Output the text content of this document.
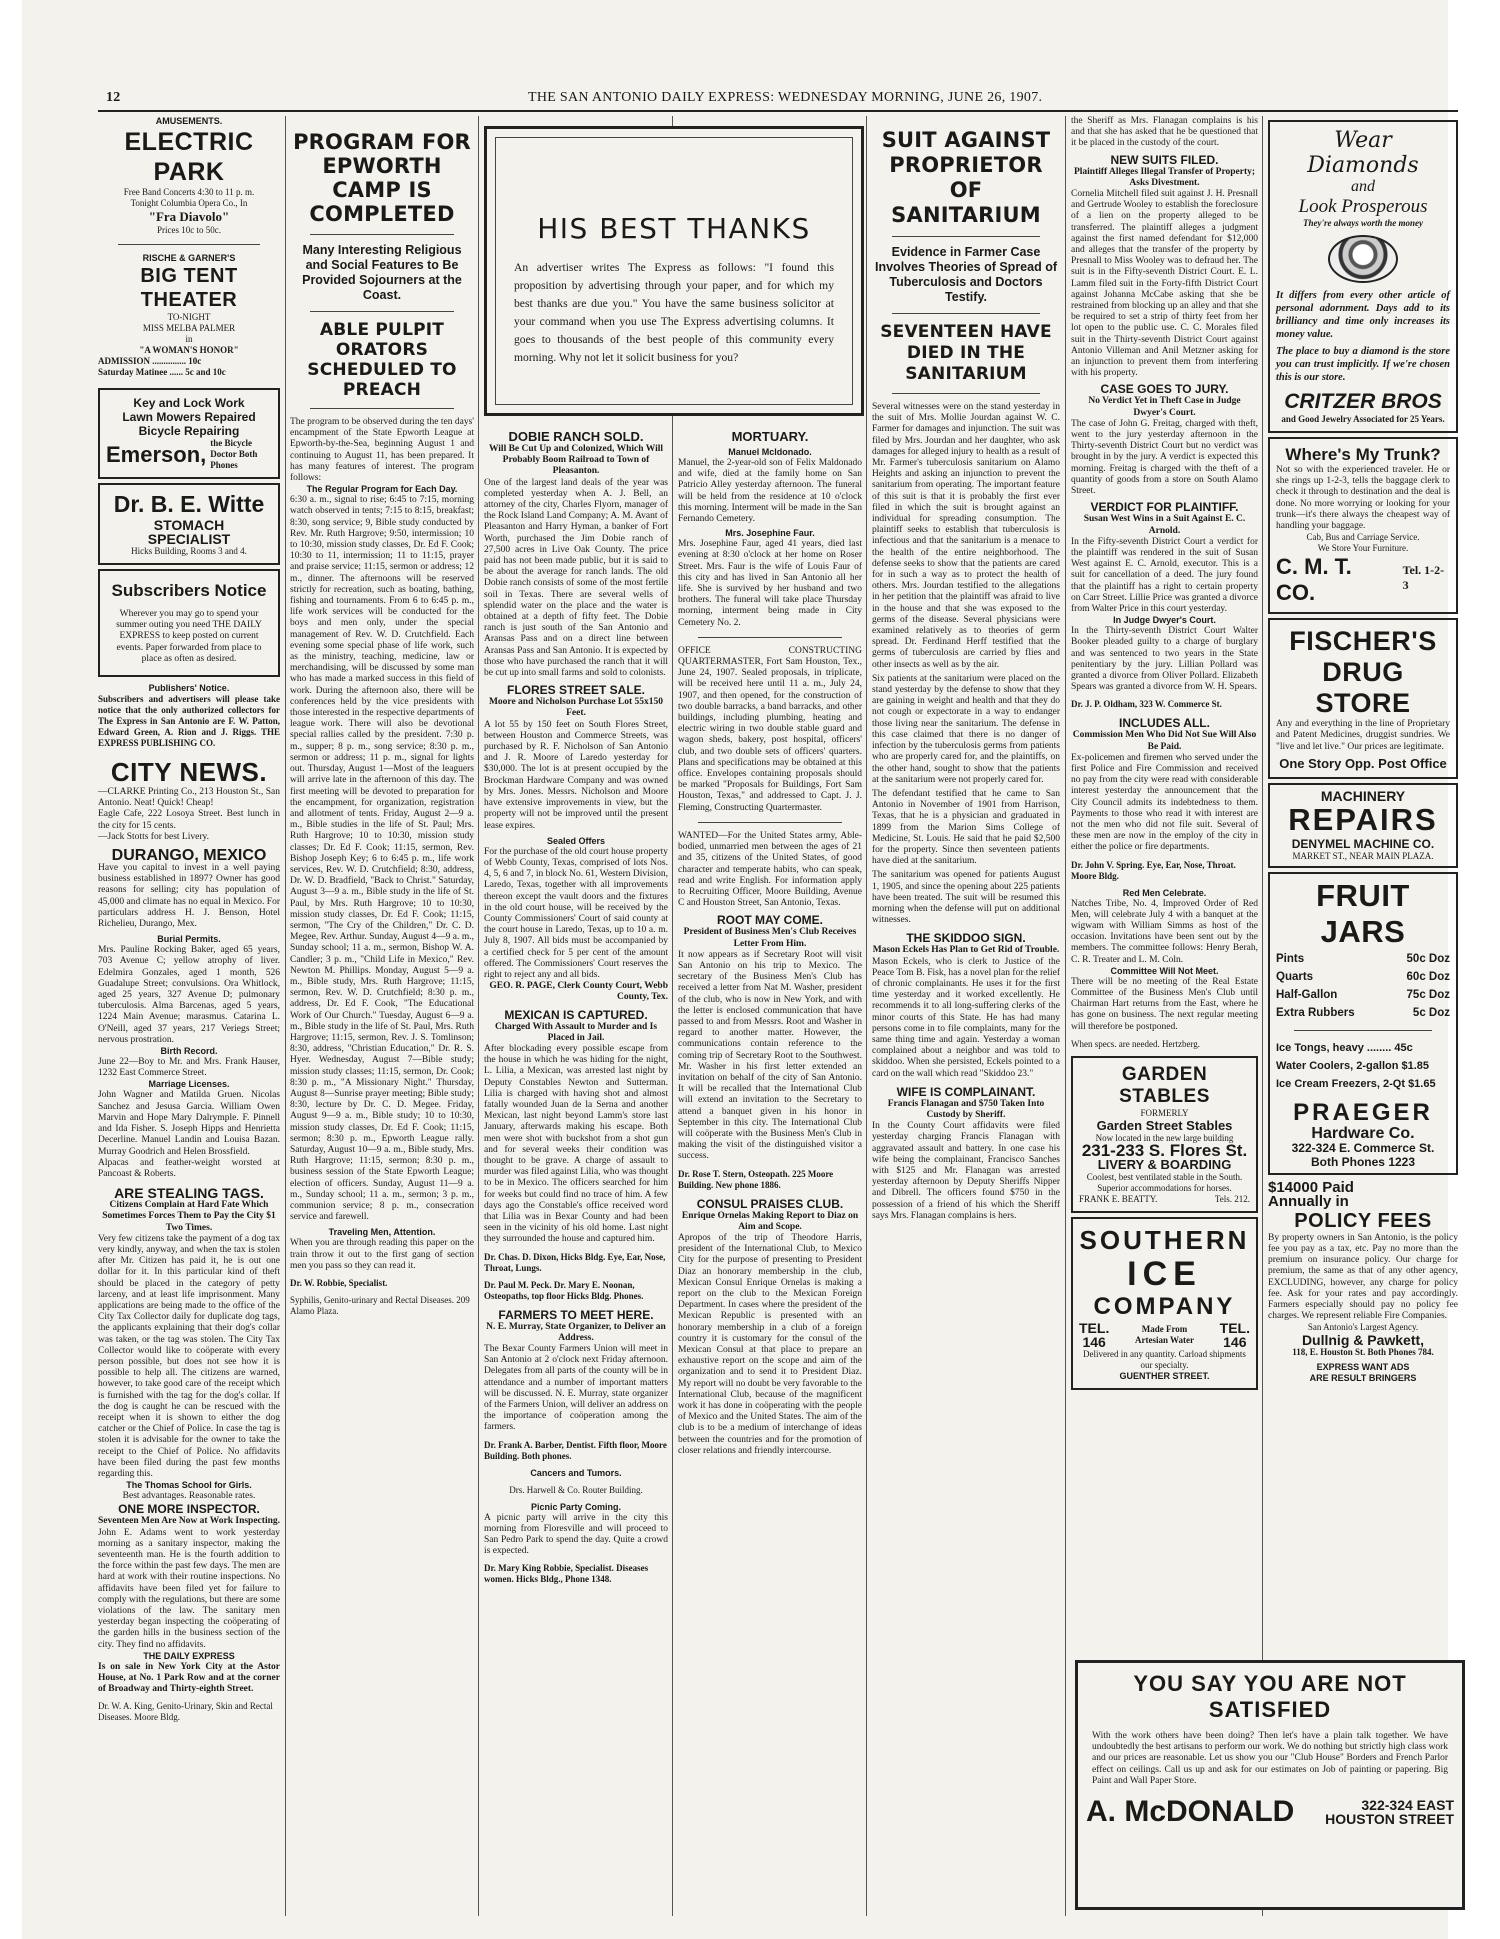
12	THE SAN ANTONIO DAILY EXPRESS: WEDNESDAY MORNING, JUNE 26, 1907.
AMUSEMENTS.
ELECTRIC PARK
Free Band Concerts 4:30 to 11 p. m.
Tonight Columbia Opera Co., In
"Fra Diavolo"
Prices 10c to 50c.
RISCHE & GARNER'S
BIG TENT THEATER
TO-NIGHT
MISS MELBA PALMER
in
"A WOMAN'S HONOR"
ADMISSION ............... 10c
Saturday Matinee ...... 5c and 10c
Key and Lock Work
Lawn Mowers Repaired
Bicycle Repairing
Emerson, the Bicycle Doctor Both Phones
Dr. B. E. Witte
STOMACH
SPECIALIST
Hicks Building, Rooms 3 and 4.
Subscribers Notice
Wherever you may go to spend your summer outing you need THE DAILY EXPRESS to keep posted on current events. Paper forwarded from place to place as often as desired.
Publishers' Notice.
Subscribers and advertisers will please take notice that the only authorized collectors for The Express in San Antonio are F. W. Patton, Edward Green, A. Rion and J. Riggs. THE EXPRESS PUBLISHING CO.
CITY NEWS.
—CLARKE Printing Co., 213 Houston St., San Antonio. Neat! Quick! Cheap!
Eagle Cafe, 222 Losoya Street. Best lunch in the city for 15 cents.
—Jack Stotts for best Livery.
DURANGO, MEXICO
Have you capital to invest in a well paying business established in 1897? Owner has good reasons for selling; city has population of 45,000 and climate has no equal in Mexico. For particulars address H. J. Benson, Hotel Richelieu, Durango, Mex.
Burial Permits.
Mrs. Pauline Rocking Baker, aged 65 years, 703 Avenue C; yellow atrophy of liver. Edelmira Gonzales, aged 1 month, 526 Guadalupe Street; convulsions. Ora Whitlock, aged 25 years, 327 Avenue D; pulmonary tuberculosis. Alma Barcenas, aged 5 years, 1224 Main Avenue; marasmus. Catarina L. O'Neill, aged 37 years, 217 Veriegs Street; nervous prostration.
Birth Record.
June 22—Boy to Mr. and Mrs. Frank Hauser, 1232 East Commerce Street.
Marriage Licenses.
John Wagner and Matilda Gruen. Nicolas Sanchez and Jesusa Garcia. William Owen Marvin and Hope Mary Dalrymple. F. Pinnell and Ida Fisher. S. Joseph Hipps and Henrietta Decerline. Manuel Landin and Louisa Bazan. Murray Goodrich and Helen Brossfield.
Alpacas and feather-weight worsted at Pancoast & Roberts.
ARE STEALING TAGS.
Citizens Complain at Hard Fate Which Sometimes Forces Them to Pay the City $1 Two Times.
Very few citizens take the payment of a dog tax very kindly, anyway, and when the tax is stolen after Mr. Citizen has paid it, he is out one dollar for it. In this particular kind of theft should be placed in the category of petty larceny, and at least life imprisonment. Many applications are being made to the office of the City Tax Collector daily for duplicate dog tags, the applicants explaining that their dog's collar was taken, or the tag was stolen. The City Tax Collector would like to coöperate with every person possible, but does not see how it is possible to help all. The citizens are warned, however, to take good care of the receipt which is furnished with the tag for the dog's collar. If the dog is caught he can be rescued with the receipt when it is shown to either the dog catcher or the Chief of Police. In case the tag is stolen it is advisable for the owner to take the receipt to the Chief of Police. No affidavits have been filed during the past few months regarding this.
The Thomas School for Girls.
Best advantages. Reasonable rates.
ONE MORE INSPECTOR.
Seventeen Men Are Now at Work Inspecting.
John E. Adams went to work yesterday morning as a sanitary inspector, making the seventeenth man. He is the fourth addition to the force within the past few days. The men are hard at work with their routine inspections. No affidavits have been filed yet for failure to comply with the regulations, but there are some violations of the law. The sanitary men yesterday began inspecting the coöperating of the garden hills in the business section of the city. They find no affidavits.
THE DAILY EXPRESS
Is on sale in New York City at the Astor House, at No. 1 Park Row and at the corner of Broadway and Thirty-eighth Street.
Dr. W. A. King, Genito-Urinary, Skin and Rectal Diseases. Moore Bldg.
PROGRAM FOR EPWORTH CAMP IS COMPLETED
Many Interesting Religious and Social Features to Be Provided Sojourners at the Coast.
ABLE PULPIT ORATORS SCHEDULED TO PREACH
The program to be observed during the ten days' encampment of the State Epworth League at Epworth-by-the-Sea, beginning August 1 and continuing to August 11, has been prepared. It has many features of interest. The program follows:
The Regular Program for Each Day.
6:30 a. m., signal to rise; 6:45 to 7:15, morning watch observed in tents; 7:15 to 8:15, breakfast; 8:30, song service; 9, Bible study conducted by Rev. Mr. Ruth Hargrove; 9:50, intermission; 10 to 10:30, mission study classes, Dr. Ed F. Cook; 10:30 to 11, intermission; 11 to 11:15, prayer and praise service; 11:15, sermon or address; 12 m., dinner. The afternoons will be reserved strictly for recreation, such as boating, bathing, fishing and tournaments. From 6 to 6:45 p. m., life work services will be conducted for the boys and men only, under the special management of Rev. W. D. Crutchfield. Each evening some special phase of life work, such as the ministry, teaching, medicine, law or merchandising, will be discussed by some man who has made a marked success in this field of work. During the afternoon also, there will be conferences held by the vice presidents with those interested in the respective departments of league work. There will also be devotional special rallies called by the president. 7:30 p. m., supper; 8 p. m., song service; 8:30 p. m., sermon or address; 11 p. m., signal for lights out. Thursday, August 1—Most of the leaguers will arrive late in the afternoon of this day. The first meeting will be devoted to preparation for the encampment, for organization, registration and allotment of tents. Friday, August 2—9 a. m., Bible studies in the life of St. Paul; Mrs. Ruth Hargrove; 10 to 10:30, mission study classes; Dr. Ed F. Cook; 11:15, sermon, Rev. Bishop Joseph Key; 6 to 6:45 p. m., life work services, Rev. W. D. Crutchfield; 8:30, address, Dr. W. D. Bradfield, "Back to Christ." Saturday, August 3—9 a. m., Bible study in the life of St. Paul, by Mrs. Ruth Hargrove; 10 to 10:30, mission study classes, Dr. Ed F. Cook; 11:15, sermon, "The Cry of the Children," Dr. C. D. Megee, Rev. Arthur. Sunday, August 4—9 a. m., Sunday school; 11 a. m., sermon, Bishop W. A. Candler; 3 p. m., "Child Life in Mexico," Rev. Newton M. Phillips. Monday, August 5—9 a. m., Bible study, Mrs. Ruth Hargrove; 11:15, sermon, Rev. W. D. Crutchfield; 8:30 p. m., address, Dr. Ed F. Cook, "The Educational Work of Our Church." Tuesday, August 6—9 a. m., Bible study in the life of St. Paul, Mrs. Ruth Hargrove; 11:15, sermon, Rev. J. S. Tomlinson; 8:30, address, "Christian Education," Dr. R. S. Hyer. Wednesday, August 7—Bible study; mission study classes; 11:15, sermon, Dr. Cook; 8:30 p. m., "A Missionary Night." Thursday, August 8—Sunrise prayer meeting; Bible study; 8:30, lecture by Dr. C. D. Megee. Friday, August 9—9 a. m., Bible study; 10 to 10:30, mission study classes, Dr. Ed F. Cook; 11:15, sermon; 8:30 p. m., Epworth League rally. Saturday, August 10—9 a. m., Bible study, Mrs. Ruth Hargrove; 11:15, sermon; 8:30 p. m., business session of the State Epworth League; election of officers. Sunday, August 11—9 a. m., Sunday school; 11 a. m., sermon; 3 p. m., communion service; 8 p. m., consecration service and farewell.
Traveling Men, Attention.
When you are through reading this paper on the train throw it out to the first gang of section men you pass so they can read it.
Dr. W. Robbie, Specialist.
Syphilis, Genito-urinary and Rectal Diseases. 209 Alamo Plaza.
HIS BEST THANKS
An advertiser writes The Express as follows: "I found this proposition by advertising through your paper, and for which my best thanks are due you." You have the same business solicitor at your command when you use The Express advertising columns. It goes to thousands of the best people of this community every morning. Why not let it solicit business for you?
DOBIE RANCH SOLD.
Will Be Cut Up and Colonized, Which Will Probably Boom Railroad to Town of Pleasanton.
One of the largest land deals of the year was completed yesterday when A. J. Bell, an attorney of the city, Charles Flyorn, manager of the Rock Island Land Company; A. M. Avant of Pleasanton and Harry Hyman, a banker of Fort Worth, purchased the Jim Dobie ranch of 27,500 acres in Live Oak County. The price paid has not been made public, but it is said to be about the average for ranch lands. The old Dobie ranch consists of some of the most fertile soil in Texas. There are several wells of splendid water on the place and the water is obtained at a depth of fifty feet. The Dobie ranch is just south of the San Antonio and Aransas Pass and on a direct line between Aransas Pass and San Antonio. It is expected by those who have purchased the ranch that it will be cut up into small farms and sold to colonists.
FLORES STREET SALE.
Moore and Nicholson Purchase Lot 55x150 Feet.
A lot 55 by 150 feet on South Flores Street, between Houston and Commerce Streets, was purchased by R. F. Nicholson of San Antonio and J. R. Moore of Laredo yesterday for $30,000. The lot is at present occupied by the Brockman Hardware Company and was owned by Mrs. Jones. Messrs. Nicholson and Moore have extensive improvements in view, but the property will not be improved until the present lease expires.
Sealed Offers
For the purchase of the old court house property of Webb County, Texas, comprised of lots Nos. 4, 5, 6 and 7, in block No. 61, Western Division, Laredo, Texas, together with all improvements thereon except the vault doors and the fixtures in the old court house, will be received by the County Commissioners' Court of said county at the court house in Laredo, Texas, up to 10 a. m. July 8, 1907. All bids must be accompanied by a certified check for 5 per cent of the amount offered. The Commissioners' Court reserves the right to reject any and all bids.
GEO. R. PAGE, Clerk County Court, Webb County, Tex.
MEXICAN IS CAPTURED.
Charged With Assault to Murder and Is Placed in Jail.
After blockading every possible escape from the house in which he was hiding for the night, L. Lilia, a Mexican, was arrested last night by Deputy Constables Newton and Sutterman. Lilia is charged with having shot and almost fatally wounded Juan de la Serna and another Mexican, last night beyond Lamm's store last January, afterwards making his escape. Both men were shot with buckshot from a shot gun and for several weeks their condition was thought to be grave. A charge of assault to murder was filed against Lilia, who was thought to be in Mexico. The officers searched for him for weeks but could find no trace of him. A few days ago the Constable's office received word that Lilia was in Bexar County and had been seen in the vicinity of his old home. Last night they surrounded the house and captured him.
Dr. Chas. D. Dixon, Hicks Bldg. Eye, Ear, Nose, Throat, Lungs.
Dr. Paul M. Peck. Dr. Mary E. Noonan, Osteopaths, top floor Hicks Bldg. Phones.
FARMERS TO MEET HERE.
N. E. Murray, State Organizer, to Deliver an Address.
The Bexar County Farmers Union will meet in San Antonio at 2 o'clock next Friday afternoon. Delegates from all parts of the county will be in attendance and a number of important matters will be discussed. N. E. Murray, state organizer of the Farmers Union, will deliver an address on the importance of coöperation among the farmers.
Dr. Frank A. Barber, Dentist. Fifth floor, Moore Building. Both phones.
Cancers and Tumors.
Drs. Harwell & Co. Router Building.
Picnic Party Coming.
A picnic party will arrive in the city this morning from Floresville and will proceed to San Pedro Park to spend the day. Quite a crowd is expected.
Dr. Mary King Robbie, Specialist. Diseases women. Hicks Bldg., Phone 1348.
MORTUARY.
Manuel Mcldonado.
Manuel, the 2-year-old son of Felix Maldonado and wife, died at the family home on San Patricio Alley yesterday afternoon. The funeral will be held from the residence at 10 o'clock this morning. Interment will be made in the San Fernando Cemetery.
Mrs. Josephine Faur.
Mrs. Josephine Faur, aged 41 years, died last evening at 8:30 o'clock at her home on Roser Street. Mrs. Faur is the wife of Louis Faur of this city and has lived in San Antonio all her life. She is survived by her husband and two brothers. The funeral will take place Thursday morning, interment being made in City Cemetery No. 2.
OFFICE CONSTRUCTING QUARTERMASTER, Fort Sam Houston, Tex., June 24, 1907. Sealed proposals, in triplicate, will be received here until 11 a. m., July 24, 1907, and then opened, for the construction of two double barracks, a band barracks, and other buildings, including plumbing, heating and electric wiring in two double stable guard and wagon sheds, bakery, post hospital, officers' club, and two double sets of officers' quarters. Plans and specifications may be obtained at this office. Envelopes containing proposals should be marked "Proposals for Buildings, Fort Sam Houston, Texas," and addressed to Capt. J. J. Fleming, Constructing Quartermaster.
WANTED—For the United States army, Able-bodied, unmarried men between the ages of 21 and 35, citizens of the United States, of good character and temperate habits, who can speak, read and write English. For information apply to Recruiting Officer, Moore Building, Avenue C and Houston Street, San Antonio, Texas.
ROOT MAY COME.
President of Business Men's Club Receives Letter From Him.
It now appears as if Secretary Root will visit San Antonio on his trip to Mexico. The secretary of the Business Men's Club has received a letter from Nat M. Washer, president of the club, who is now in New York, and with the letter is enclosed communication that have passed to and from Messrs. Root and Washer in regard to another matter. However, the communications contain reference to the coming trip of Secretary Root to the Southwest. Mr. Washer in his first letter extended an invitation on behalf of the city of San Antonio. It will be recalled that the International Club will extend an invitation to the Secretary to attend a banquet given in his honor in September in this city. The International Club will coöperate with the Business Men's Club in making the visit of the distinguished visitor a success.
Dr. Rose T. Stern, Osteopath. 225 Moore Building. New phone 1886.
CONSUL PRAISES CLUB.
Enrique Ornelas Making Report to Diaz on Aim and Scope.
Apropos of the trip of Theodore Harris, president of the International Club, to Mexico City for the purpose of presenting to President Diaz an honorary membership in the club, Mexican Consul Enrique Ornelas is making a report on the club to the Mexican Foreign Department. In cases where the president of the Mexican Republic is presented with an honorary membership in a club of a foreign country it is customary for the consul of the Mexican Consul at that place to prepare an exhaustive report on the scope and aim of the organization and to send it to President Diaz. My report will no doubt be very favorable to the International Club, because of the magnificent work it has done in coöperating with the people of Mexico and the United States. The aim of the club is to be a medium of interchange of ideas between the countries and for the promotion of closer relations and friendly intercourse.
SUIT AGAINST PROPRIETOR OF SANITARIUM
Evidence in Farmer Case Involves Theories of Spread of Tuberculosis and Doctors Testify.
SEVENTEEN HAVE DIED IN THE SANITARIUM
Several witnesses were on the stand yesterday in the suit of Mrs. Mollie Jourdan against W. C. Farmer for damages and injunction. The suit was filed by Mrs. Jourdan and her daughter, who ask damages for alleged injury to health as a result of Mr. Farmer's tuberculosis sanitarium on Alamo Heights and asking an injunction to prevent the sanitarium from operating. The important feature of this suit is that it is probably the first ever filed in which the suit is brought against an individual for spreading consumption. The plaintiff seeks to establish that tuberculosis is infectious and that the sanitarium is a menace to the health of the entire neighborhood. The defense seeks to show that the patients are cared for in such a way as to protect the health of others. Mrs. Jourdan testified to the allegations in her petition that the plaintiff was afraid to live in the house and that she was exposed to the germs of the disease. Several physicians were examined relatively as to theories of germ spread. Dr. Ferdinand Herff testified that the germs of tuberculosis are carried by flies and other insects as well as by the air.
Six patients at the sanitarium were placed on the stand yesterday by the defense to show that they are gaining in weight and health and that they do not cough or expectorate in a way to endanger those living near the sanitarium. The defense in this case claimed that there is no danger of infection by the tuberculosis germs from patients who are properly cared for, and the plaintiffs, on the other hand, sought to show that the patients at the sanitarium were not properly cared for.
The defendant testified that he came to San Antonio in November of 1901 from Harrison, Texas, that he is a physician and graduated in 1899 from the Marion Sims College of Medicine, St. Louis. He said that he paid $2,500 for the property. Since then seventeen patients have died at the sanitarium.
The sanitarium was opened for patients August 1, 1905, and since the opening about 225 patients have been treated. The suit will be resumed this morning when the defense will put on additional witnesses.
THE SKIDDOO SIGN.
Mason Eckels Has Plan to Get Rid of Trouble.
Mason Eckels, who is clerk to Justice of the Peace Tom B. Fisk, has a novel plan for the relief of chronic complainants. He uses it for the first time yesterday and it worked excellently. He recommends it to all long-suffering clerks of the minor courts of this State. He has had many persons come in to file complaints, many for the same thing time and again. Yesterday a woman complained about a neighbor and was told to skiddoo. When she persisted, Eckels pointed to a card on the wall which read "Skiddoo 23."
WIFE IS COMPLAINANT.
Francis Flanagan and $750 Taken Into Custody by Sheriff.
In the County Court affidavits were filed yesterday charging Francis Flanagan with aggravated assault and battery. In one case his wife being the complainant, Francisco Sanches with $125 and Mr. Flanagan was arrested yesterday afternoon by Deputy Sheriffs Nipper and Dibrell. The officers found $750 in the possession of a friend of his which the Sheriff says Mrs. Flanagan complains is hers.
the Sheriff as Mrs. Flanagan complains is his and that she has asked that he be questioned that it be placed in the custody of the court.
NEW SUITS FILED.
Plaintiff Alleges Illegal Transfer of Property; Asks Divestment.
Cornelia Mitchell filed suit against J. H. Presnall and Gertrude Wooley to establish the foreclosure of a lien on the property alleged to be transferred. The plaintiff alleges a judgment against the first named defendant for $12,000 and alleges that the transfer of the property by Presnall to Miss Wooley was to defraud her. The suit is in the Fifty-seventh District Court. E. L. Lamm filed suit in the Forty-fifth District Court against Johanna McCabe asking that she be restrained from blocking up an alley and that she be required to set a strip of thirty feet from her lot open to the public use. C. C. Morales filed suit in the Thirty-seventh District Court against Antonio Villeman and Anil Metzner asking for an injunction to prevent them from interfering with his property.
CASE GOES TO JURY.
No Verdict Yet in Theft Case in Judge Dwyer's Court.
The case of John G. Freitag, charged with theft, went to the jury yesterday afternoon in the Thirty-seventh District Court but no verdict was brought in by the jury. A verdict is expected this morning. Freitag is charged with the theft of a quantity of goods from a store on South Alamo Street.
VERDICT FOR PLAINTIFF.
Susan West Wins in a Suit Against E. C. Arnold.
In the Fifty-seventh District Court a verdict for the plaintiff was rendered in the suit of Susan West against E. C. Arnold, executor. This is a suit for cancellation of a deed. The jury found that the plaintiff has a right to certain property on Carr Street. Lillie Price was granted a divorce from Walter Price in this court yesterday.
In Judge Dwyer's Court.
In the Thirty-seventh District Court Walter Booker pleaded guilty to a charge of burglary and was sentenced to two years in the State penitentiary by the jury. Lillian Pollard was granted a divorce from Oliver Pollard. Elizabeth Spears was granted a divorce from W. H. Spears.
Dr. J. P. Oldham, 323 W. Commerce St.
INCLUDES ALL.
Commission Men Who Did Not Sue Will Also Be Paid.
Ex-policemen and firemen who served under the first Police and Fire Commission and received no pay from the city were read with considerable interest yesterday the announcement that the City Council admits its indebtedness to them. Payments to those who read it with interest are not the men who did not file suit. Several of these men are now in the employ of the city in either the police or fire departments.
Dr. John V. Spring. Eye, Ear, Nose, Throat. Moore Bldg.
Red Men Celebrate.
Natches Tribe, No. 4, Improved Order of Red Men, will celebrate July 4 with a banquet at the wigwam with William Simms as host of the occasion. Invitations have been sent out by the members. The committee follows: Henry Berah, C. R. Treater and L. M. Coln.
Committee Will Not Meet.
There will be no meeting of the Real Estate Committee of the Business Men's Club until Chairman Hart returns from the East, where he has gone on business. The next regular meeting will therefore be postponed.
When specs. are needed. Hertzberg.
GARDEN STABLES
FORMERLY
Garden Street Stables
Now located in the new large building
231-233 S. Flores St.
LIVERY & BOARDING
Coolest, best ventilated stable in the South. Superior accommodations for horses.
FRANK E. BEATTY.	Tels. 212.
SOUTHERN
ICE
COMPANY
TEL.
146
Made From Artesian Water
TEL.
146
Delivered in any quantity. Carload shipments our specialty.
GUENTHER STREET.
YOU SAY YOU ARE NOT
SATISFIED
With the work others have been doing? Then let's have a plain talk together. We have undoubtedly the best artisans to perform our work. We do nothing but strictly high class work and our prices are reasonable. Let us show you our "Club House" Borders and French Parlor effect on ceilings. Call us up and ask for our estimates on Job of painting or papering. Big Paint and Wall Paper Store.
A. McDONALD	322-324 EAST
HOUSTON STREET
Wear Diamonds
and
Look Prosperous
They're always worth the money
It differs from every other article of personal adornment. Days add to its brilliancy and time only increases its money value.
The place to buy a diamond is the store you can trust implicitly. If we're chosen this is our store.
CRITZER BROS
and Good Jewelry Associated for 25 Years.
Where's My Trunk?
Not so with the experienced traveler. He or she rings up 1-2-3, tells the baggage clerk to check it through to destination and the deal is done. No more worrying or looking for your trunk—it's there always the cheapest way of handling your baggage.
Cab, Bus and Carriage Service.
We Store Your Furniture.
C. M. T. CO.
Tel. 1-2-3
FISCHER'S
DRUG STORE
Any and everything in the line of Proprietary and Patent Medicines, druggist sundries. We "live and let live." Our prices are legitimate.
One Story Opp. Post Office
MACHINERY
REPAIRS
DENYMEL MACHINE CO.
MARKET ST., NEAR MAIN PLAZA.
FRUIT JARS
Pints	50c Doz
Quarts	60c Doz
Half-Gallon	75c Doz
Extra Rubbers	5c Doz
Ice Tongs, heavy ........ 45c
Water Coolers, 2-gallon $1.85
Ice Cream Freezers, 2-Qt $1.65
PRAEGER
Hardware Co.
322-324 E. Commerce St.
Both Phones 1223
$14000 Paid
Annually in
POLICY FEES
By property owners in San Antonio, is the policy fee you pay as a tax, etc. Pay no more than the premium on insurance policy. Our charge for premium, the same as that of any other agency, EXCLUDING, however, any charge for policy fee. Ask for your rates and pay accordingly. Farmers especially should pay no policy fee charges. We represent reliable Fire Companies.
San Antonio's Largest Agency.
Dullnig & Pawkett,
118, E. Houston St. Both Phones 784.
EXPRESS WANT ADS
ARE RESULT BRINGERS
